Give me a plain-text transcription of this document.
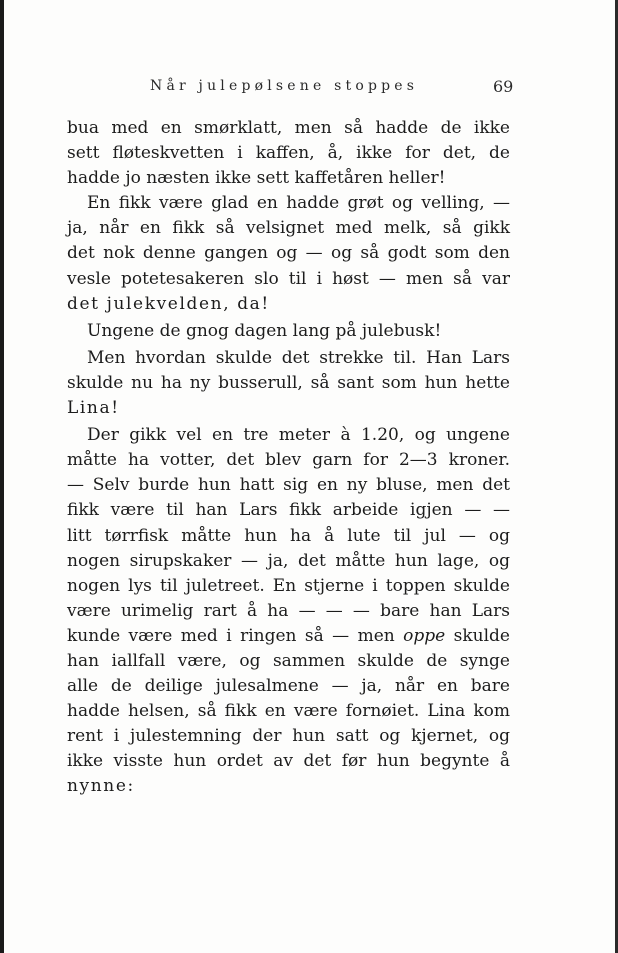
Når julepølsene stoppes	69
bua med en smørklatt, men så hadde de ikke
sett fløteskvetten i kaffen, å, ikke for det, de
hadde jo næsten ikke sett kaffetåren heller!
En fikk være glad en hadde grøt og velling, —
ja, når en fikk så velsignet med melk, så gikk
det nok denne gangen og — og så godt som den
vesle potetesakeren slo til i høst — men så var
det julekvelden, da!
Ungene de gnog dagen lang på julebusk!
Men hvordan skulde det strekke til. Han Lars
skulde nu ha ny busserull, så sant som hun hette
Lina!
Der gikk vel en tre meter à 1.20, og ungene
måtte ha votter, det blev garn for 2—3 kroner.
— Selv burde hun hatt sig en ny bluse, men det
fikk være til han Lars fikk arbeide igjen — —
litt tørrfisk måtte hun ha å lute til jul — og
nogen sirupskaker — ja, det måtte hun lage, og
nogen lys til juletreet. En stjerne i toppen skulde
være urimelig rart å ha — — — bare han Lars
kunde være med i ringen så — men oppe skulde
han iallfall være, og sammen skulde de synge
alle de deilige julesalmene — ja, når en bare
hadde helsen, så fikk en være fornøiet. Lina kom
rent i julestemning der hun satt og kjernet, og
ikke visste hun ordet av det før hun begynte å
nynne:
